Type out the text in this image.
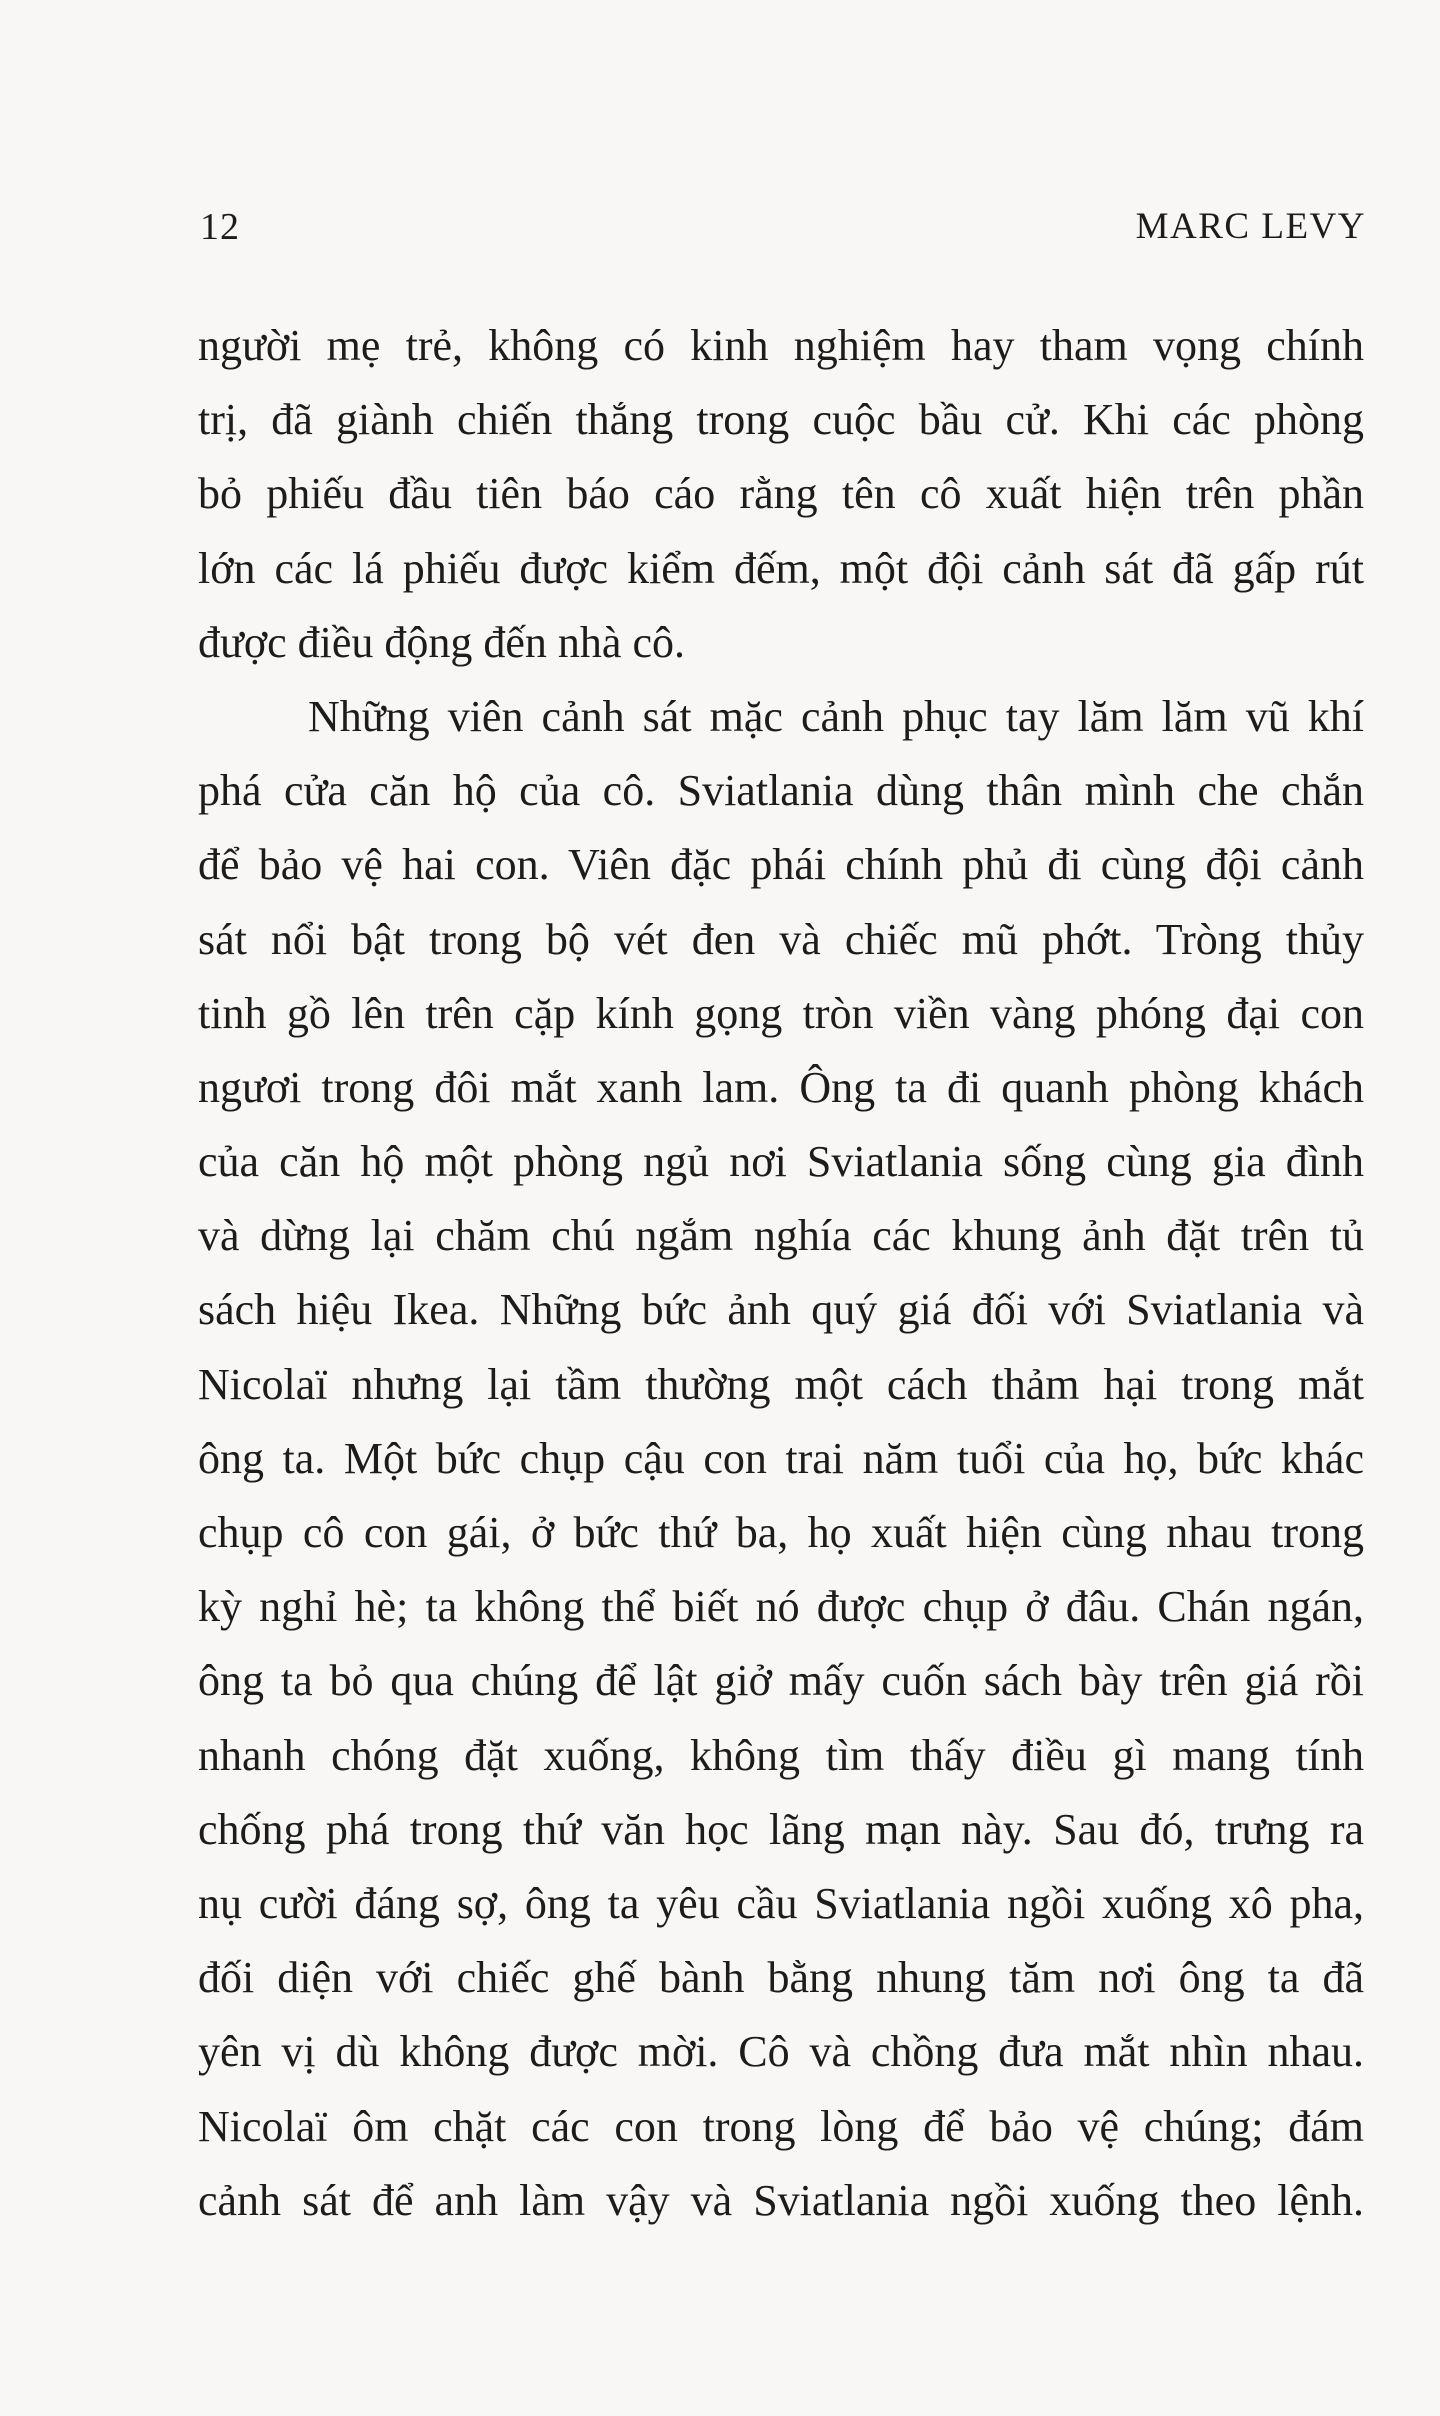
12	MARC LEVY
người mẹ trẻ, không có kinh nghiệm hay tham vọng chính
trị, đã giành chiến thắng trong cuộc bầu cử. Khi các phòng
bỏ phiếu đầu tiên báo cáo rằng tên cô xuất hiện trên phần
lớn các lá phiếu được kiểm đếm, một đội cảnh sát đã gấp rút
được điều động đến nhà cô.
Những viên cảnh sát mặc cảnh phục tay lăm lăm vũ khí
phá cửa căn hộ của cô. Sviatlania dùng thân mình che chắn
để bảo vệ hai con. Viên đặc phái chính phủ đi cùng đội cảnh
sát nổi bật trong bộ vét đen và chiếc mũ phớt. Tròng thủy
tinh gồ lên trên cặp kính gọng tròn viền vàng phóng đại con
ngươi trong đôi mắt xanh lam. Ông ta đi quanh phòng khách
của căn hộ một phòng ngủ nơi Sviatlania sống cùng gia đình
và dừng lại chăm chú ngắm nghía các khung ảnh đặt trên tủ
sách hiệu Ikea. Những bức ảnh quý giá đối với Sviatlania và
Nicolaï nhưng lại tầm thường một cách thảm hại trong mắt
ông ta. Một bức chụp cậu con trai năm tuổi của họ, bức khác
chụp cô con gái, ở bức thứ ba, họ xuất hiện cùng nhau trong
kỳ nghỉ hè; ta không thể biết nó được chụp ở đâu. Chán ngán,
ông ta bỏ qua chúng để lật giở mấy cuốn sách bày trên giá rồi
nhanh chóng đặt xuống, không tìm thấy điều gì mang tính
chống phá trong thứ văn học lãng mạn này. Sau đó, trưng ra
nụ cười đáng sợ, ông ta yêu cầu Sviatlania ngồi xuống xô pha,
đối diện với chiếc ghế bành bằng nhung tăm nơi ông ta đã
yên vị dù không được mời. Cô và chồng đưa mắt nhìn nhau.
Nicolaï ôm chặt các con trong lòng để bảo vệ chúng; đám
cảnh sát để anh làm vậy và Sviatlania ngồi xuống theo lệnh.
